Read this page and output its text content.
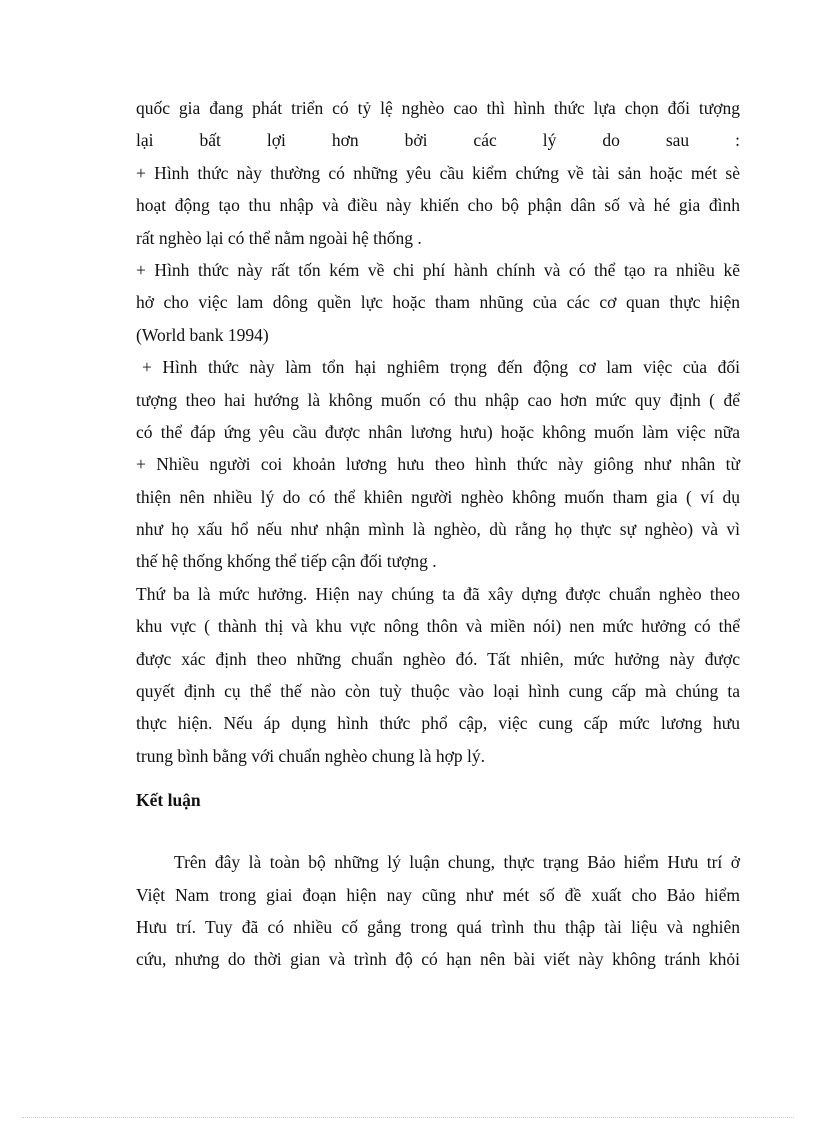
quốc gia đang phát triển có tỷ lệ nghèo cao thì hình thức lựa chọn đối tượng
lại bất lợi hơn bởi các lý do sau :
+ Hình thức này thường có những yêu cầu kiểm chứng về tài sản hoặc mét sè
hoạt động tạo thu nhập và điều này khiến cho bộ phận dân số và hé gia đình
rất nghèo lại có thể nằm ngoài hệ thống .
+ Hình thức này rất tốn kém về chi phí hành chính và có thể tạo ra nhiều kẽ
hở cho việc lam dông quền lực hoặc tham nhũng của các cơ quan thực hiện
(World bank 1994)
+ Hình thức này làm tổn hại nghiêm trọng đến động cơ lam việc của đối
tượng theo hai hướng là không muốn có thu nhập cao hơn mức quy định ( để
có thể đáp ứng yêu cầu được nhân lương hưu) hoặc không muốn làm việc nữa
+ Nhiều người coi khoản lương hưu theo hình thức này giông như nhân từ
thiện nên nhiều lý do có thể khiên người nghèo không muốn tham gia ( ví dụ
như họ xấu hổ nếu như nhận mình là nghèo, dù rằng họ thực sự nghèo) và vì
thế hệ thống khống thể tiếp cận đối tượng .
Thứ ba là mức hưởng. Hiện nay chúng ta đã xây dựng được chuẩn nghèo theo
khu vực ( thành thị và khu vực nông thôn và miền nói) nen mức hưởng có thể
được xác định theo những chuẩn nghèo đó. Tất nhiên, mức hưởng này được
quyết định cụ thể thế nào còn tuỳ thuộc vào loại hình cung cấp mà chúng ta
thực hiện. Nếu áp dụng hình thức phổ cập, việc cung cấp mức lương hưu
trung bình bằng với chuẩn nghèo chung là hợp lý.
Kết luận
Trên đây là toàn bộ những lý luận chung, thực trạng Bảo hiểm Hưu trí ở
Việt Nam trong giai đoạn hiện nay cũng như mét số đề xuất cho Bảo hiểm
Hưu trí. Tuy đã có nhiều cố gắng trong quá trình thu thập tài liệu và nghiên
cứu, nhưng do thời gian và trình độ có hạn nên bài viết này không tránh khỏi
